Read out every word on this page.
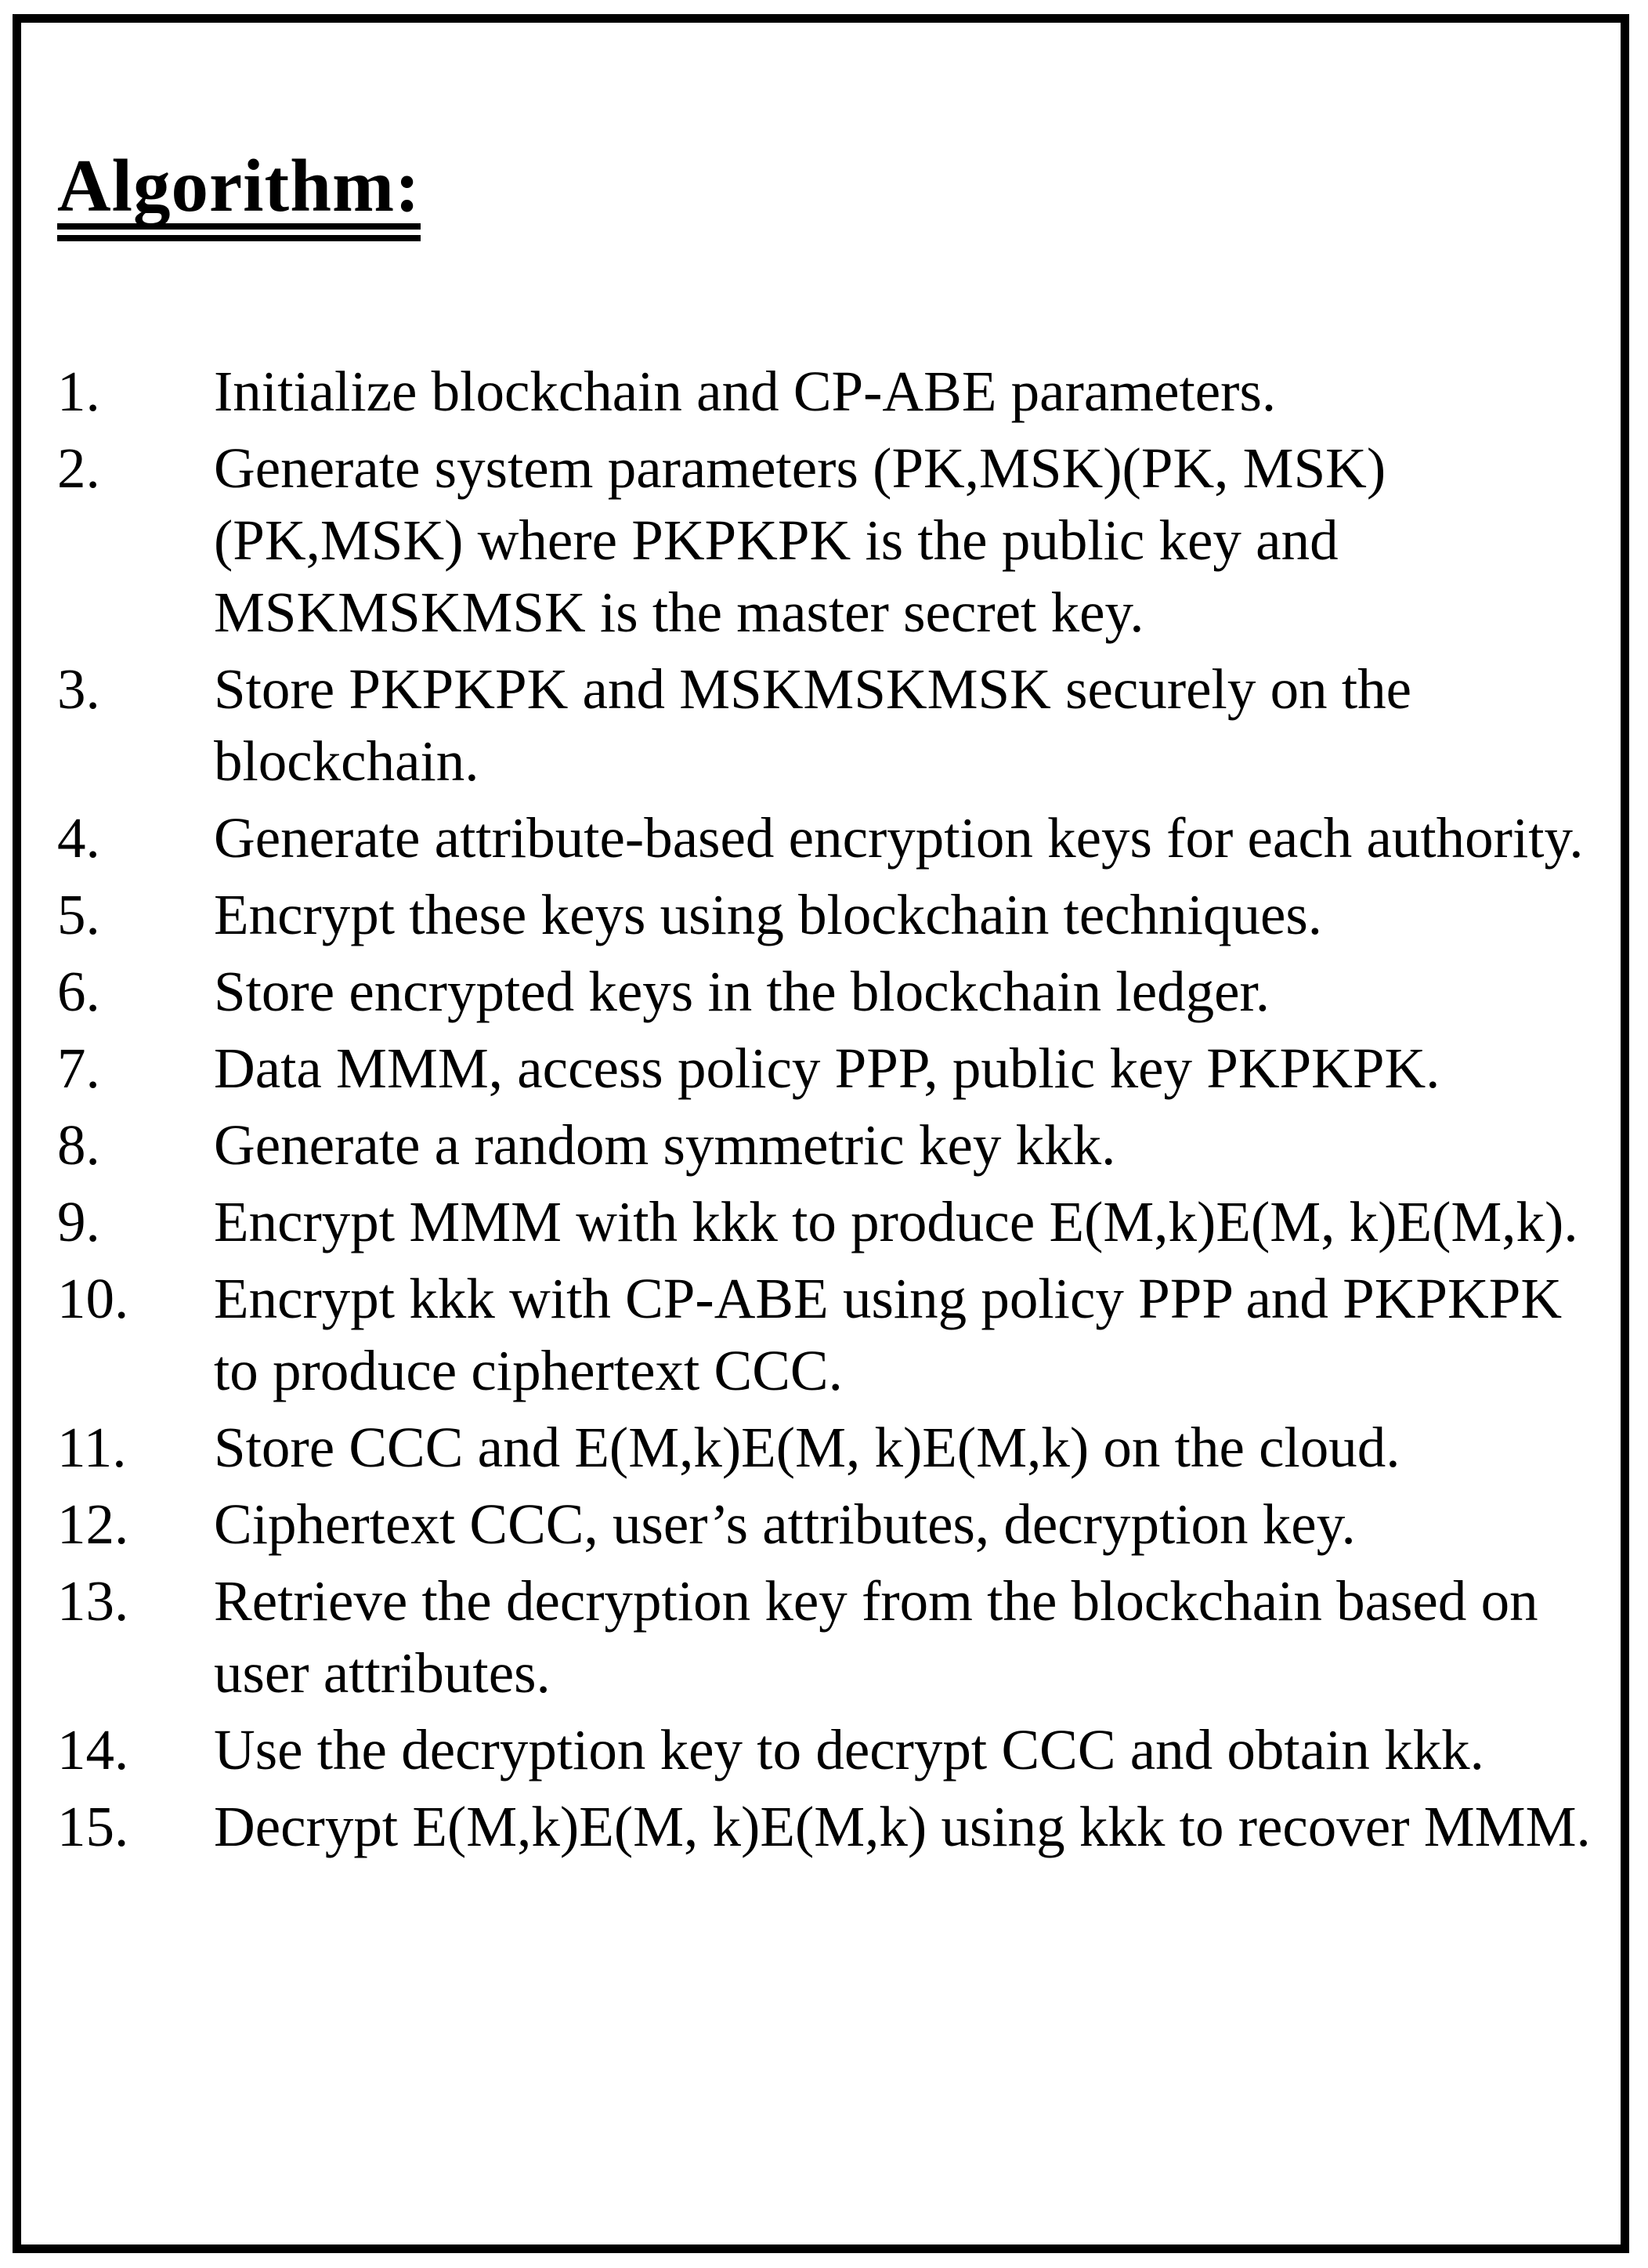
Algorithm:
1.	Initialize blockchain and CP-ABE parameters.
2.	Generate system parameters (PK,MSK)(PK, MSK)(PK,MSK) where PKPKPK is the public key and MSKMSKMSK is the master secret key.
3.	Store PKPKPK and MSKMSKMSK securely on the blockchain.
4.	Generate attribute-based encryption keys for each authority.
5.	Encrypt these keys using blockchain techniques.
6.	Store encrypted keys in the blockchain ledger.
7.	Data MMM, access policy PPP, public key PKPKPK.
8.	Generate a random symmetric key kkk.
9.	Encrypt MMM with kkk to produce E(M,k)E(M, k)E(M,k).
10.	Encrypt kkk with CP-ABE using policy PPP and PKPKPK to produce ciphertext CCC.
11.	Store CCC and E(M,k)E(M, k)E(M,k) on the cloud.
12.	Ciphertext CCC, user’s attributes, decryption key.
13.	Retrieve the decryption key from the blockchain based on user attributes.
14.	Use the decryption key to decrypt CCC and obtain kkk.
15.	Decrypt E(M,k)E(M, k)E(M,k) using kkk to recover MMM.
